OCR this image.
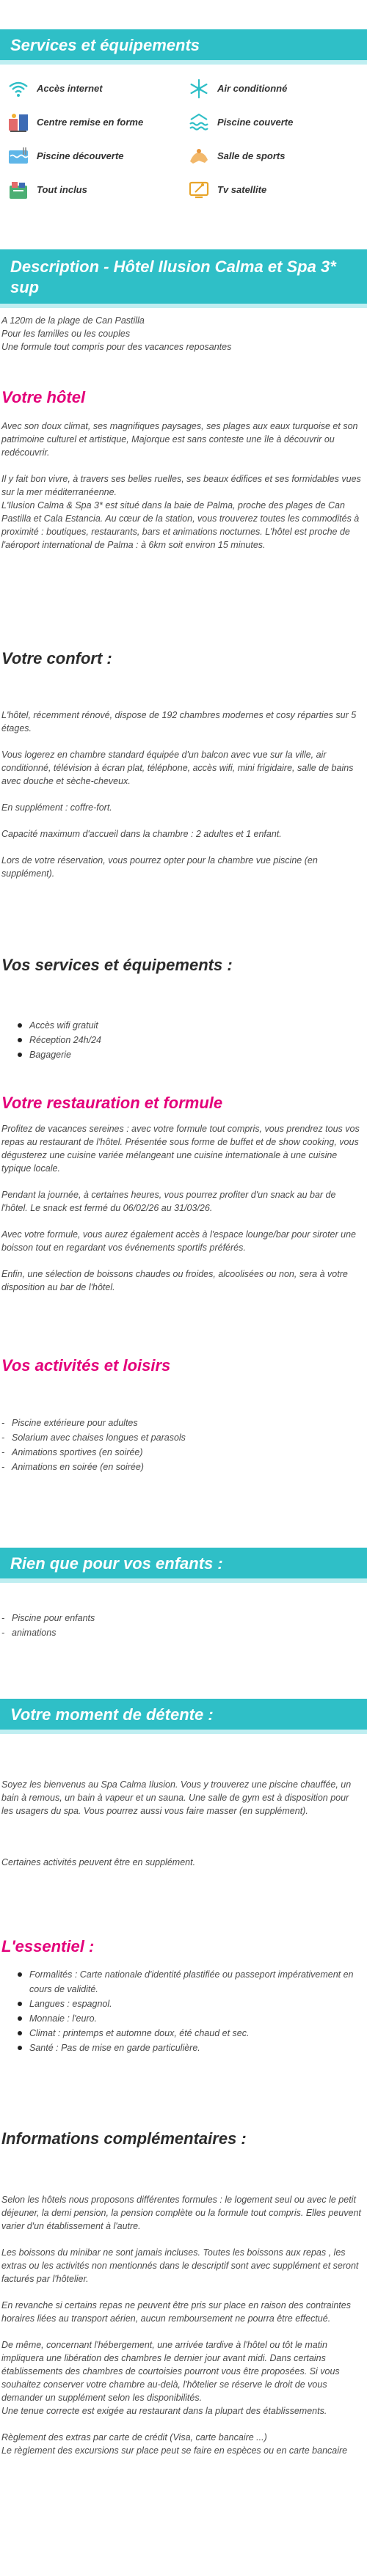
Services et équipements
Accès internet	Air conditionné
Centre remise en forme	Piscine couverte
Piscine découverte	Salle de sports
Tout inclus	Tv satellite
Description - Hôtel Ilusion Calma et Spa 3* sup
A 120m de la plage de Can Pastilla
Pour les familles ou les couples
Une formule tout compris pour des vacances reposantes
Votre hôtel
Avec son doux climat, ses magnifiques paysages, ses plages aux eaux turquoise et son patrimoine culturel et artistique, Majorque est sans conteste une île à découvrir ou redécouvrir.
Il y fait bon vivre, à travers ses belles ruelles, ses beaux édifices et ses formidables vues sur la mer méditerranéenne.
L'Ilusion Calma & Spa 3* est situé dans la baie de Palma, proche des plages de Can Pastilla et Cala Estancia. Au cœur de la station, vous trouverez toutes les commodités à proximité : boutiques, restaurants, bars et animations nocturnes. L'hôtel est proche de l'aéroport international de Palma : à 6km soit environ 15 minutes.
Votre confort :
L'hôtel, récemment rénové, dispose de 192 chambres modernes et cosy réparties sur 5 étages.
Vous logerez en chambre standard équipée d'un balcon avec vue sur la ville, air conditionné, télévision à écran plat, téléphone, accès wifi, mini frigidaire, salle de bains avec douche et sèche-cheveux.
En supplément : coffre-fort.
Capacité maximum d'accueil dans la chambre : 2 adultes et 1 enfant.
Lors de votre réservation, vous pourrez opter pour la chambre vue piscine (en supplément).
Vos services et équipements :
Accès wifi gratuit
Réception 24h/24
Bagagerie
Votre restauration et formule
Profitez de vacances sereines : avec votre formule tout compris, vous prendrez tous vos repas au restaurant de l'hôtel. Présentée sous forme de buffet et de show cooking, vous dégusterez une cuisine variée mélangeant une cuisine internationale à une cuisine typique locale.
Pendant la journée, à certaines heures, vous pourrez profiter d'un snack au bar de l'hôtel. Le snack est fermé du 06/02/26 au 31/03/26.
Avec votre formule, vous aurez également accès à l'espace lounge/bar pour siroter une boisson tout en regardant vos événements sportifs préférés.
Enfin, une sélection de boissons chaudes ou froides, alcoolisées ou non, sera à votre disposition au bar de l'hôtel.
Vos activités et loisirs
- Piscine extérieure pour adultes
- Solarium avec chaises longues et parasols
- Animations sportives (en soirée)
- Animations en soirée (en soirée)
Rien que pour vos enfants :
- Piscine pour enfants
- animations
Votre moment de détente :
Soyez les bienvenus au Spa Calma Ilusion. Vous y trouverez une piscine chauffée, un bain à remous, un bain à vapeur et un sauna. Une salle de gym est à disposition pour les usagers du spa. Vous pourrez aussi vous faire masser (en supplément).
Certaines activités peuvent être en supplément.
L'essentiel :
Formalités : Carte nationale d'identité plastifiée ou passeport impérativement en cours de validité.
Langues : espagnol.
Monnaie : l'euro.
Climat : printemps et automne doux, été chaud et sec.
Santé : Pas de mise en garde particulière.
Informations complémentaires :
Selon les hôtels nous proposons différentes formules : le logement seul ou avec le petit déjeuner, la demi pension, la pension complète ou la formule tout compris. Elles peuvent varier d'un établissement à l'autre.
Les boissons du minibar ne sont jamais incluses. Toutes les boissons aux repas , les extras ou les activités non mentionnés dans le descriptif sont avec supplément et seront facturés par l'hôtelier.
En revanche si certains repas ne peuvent être pris sur place en raison des contraintes horaires liées au transport aérien, aucun remboursement ne pourra être effectué.
De même, concernant l'hébergement, une arrivée tardive à l'hôtel ou tôt le matin impliquera une libération des chambres le dernier jour avant midi. Dans certains établissements des chambres de courtoisies pourront vous être proposées. Si vous souhaitez conserver votre chambre au-delà, l'hôtelier se réserve le droit de vous demander un supplément selon les disponibilités.
Une tenue correcte est exigée au restaurant dans la plupart des établissements.
Règlement des extras par carte de crédit (Visa, carte bancaire ...)
Le règlement des excursions sur place peut se faire en espèces ou en carte bancaire
